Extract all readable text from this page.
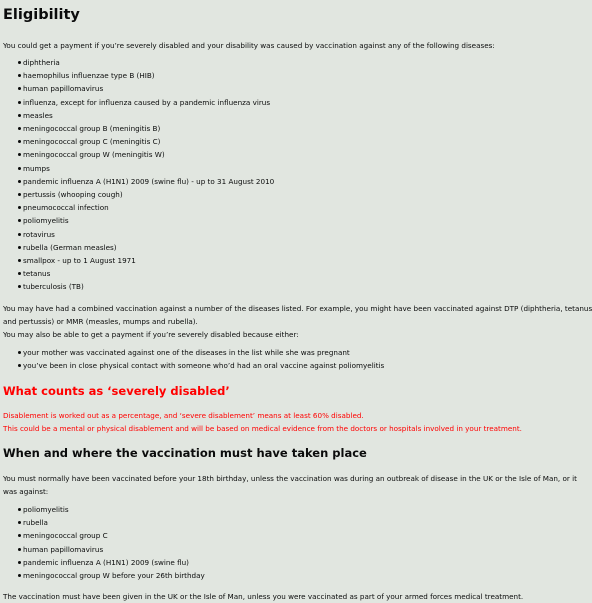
Eligibility

You could get a payment if you’re severely disabled and your disability was caused by vaccination against any of the following diseases:

diphtheria
haemophilus influenzae type B (HIB)
human papillomavirus
influenza, except for influenza caused by a pandemic influenza virus
measles
meningococcal group B (meningitis B)
meningococcal group C (meningitis C)
meningococcal group W (meningitis W)
mumps
pandemic influenza A (H1N1) 2009 (swine flu) - up to 31 August 2010
pertussis (whooping cough)
pneumococcal infection
poliomyelitis
rotavirus
rubella (German measles)
smallpox - up to 1 August 1971
tetanus
tuberculosis (TB)

You may have had a combined vaccination against a number of the diseases listed. For example, you might have been vaccinated against DTP (diphtheria, tetanus

and pertussis) or MMR (measles, mumps and rubella).

You may also be able to get a payment if you’re severely disabled because either:

your mother was vaccinated against one of the diseases in the list while she was pregnant
you’ve been in close physical contact with someone who’d had an oral vaccine against poliomyelitis
What counts as ‘severely disabled’

Disablement is worked out as a percentage, and ‘severe disablement’ means at least 60% disabled.

This could be a mental or physical disablement and will be based on medical evidence from the doctors or hospitals involved in your treatment.

When and where the vaccination must have taken place

You must normally have been vaccinated before your 18th birthday, unless the vaccination was during an outbreak of disease in the UK or the Isle of Man, or it

was against:

poliomyelitis
rubella
meningococcal group C
human papillomavirus
pandemic influenza A (H1N1) 2009 (swine flu)
meningococcal group W before your 26th birthday

The vaccination must have been given in the UK or the Isle of Man, unless you were vaccinated as part of your armed forces medical treatment.
